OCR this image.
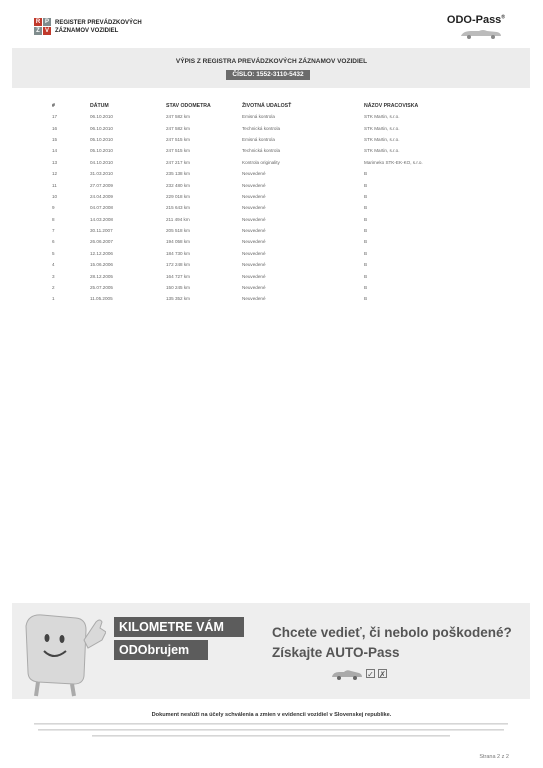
R P
Z V
REGISTER PREVÁDZKOVÝCH
ZÁZNAMOV VOZIDIEL
ODO-Pass®
VÝPIS Z REGISTRA PREVÁDZKOVÝCH ZÁZNAMOV VOZIDIEL
ČÍSLO: 1552-3110-5432
#	DÁTUM	STAV ODOMETRA	ŽIVOTNÁ UDALOSŤ	NÁZOV PRACOVISKA
17	06.10.2010	247 582 km	Emisná kontrola	STK Martin, s.r.o.
16	06.10.2010	247 582 km	Technická kontrola	STK Martin, s.r.o.
15	05.10.2010	247 515 km	Emisná kontrola	STK Martin, s.r.o.
14	05.10.2010	247 515 km	Technická kontrola	STK Martin, s.r.o.
13	04.10.2010	247 217 km	Kontrola originality	Marimeko STK-EK-KO, s.r.o.
12	31.03.2010	235 138 km	Neuvedené	B
11	27.07.2009	232 480 km	Neuvedené	B
10	24.04.2009	229 018 km	Neuvedené	B
9	04.07.2008	215 643 km	Neuvedené	B
8	14.03.2008	211 494 km	Neuvedené	B
7	30.11.2007	205 518 km	Neuvedené	B
6	26.06.2007	194 058 km	Neuvedené	B
5	12.12.2006	184 730 km	Neuvedené	B
4	15.06.2006	172 248 km	Neuvedené	B
3	28.12.2005	164 727 km	Neuvedené	B
2	25.07.2005	150 245 km	Neuvedené	B
1	11.05.2005	135 352 km	Neuvedené	B
KILOMETRE VÁM
ODObrujem
Chcete vedieť, či nebolo poškodené?
Získajte AUTO-Pass
✓ ✗
Dokument neslúži na účely schválenia a zmien v evidencii vozidiel v Slovenskej republike.
Strana 2 z 2
